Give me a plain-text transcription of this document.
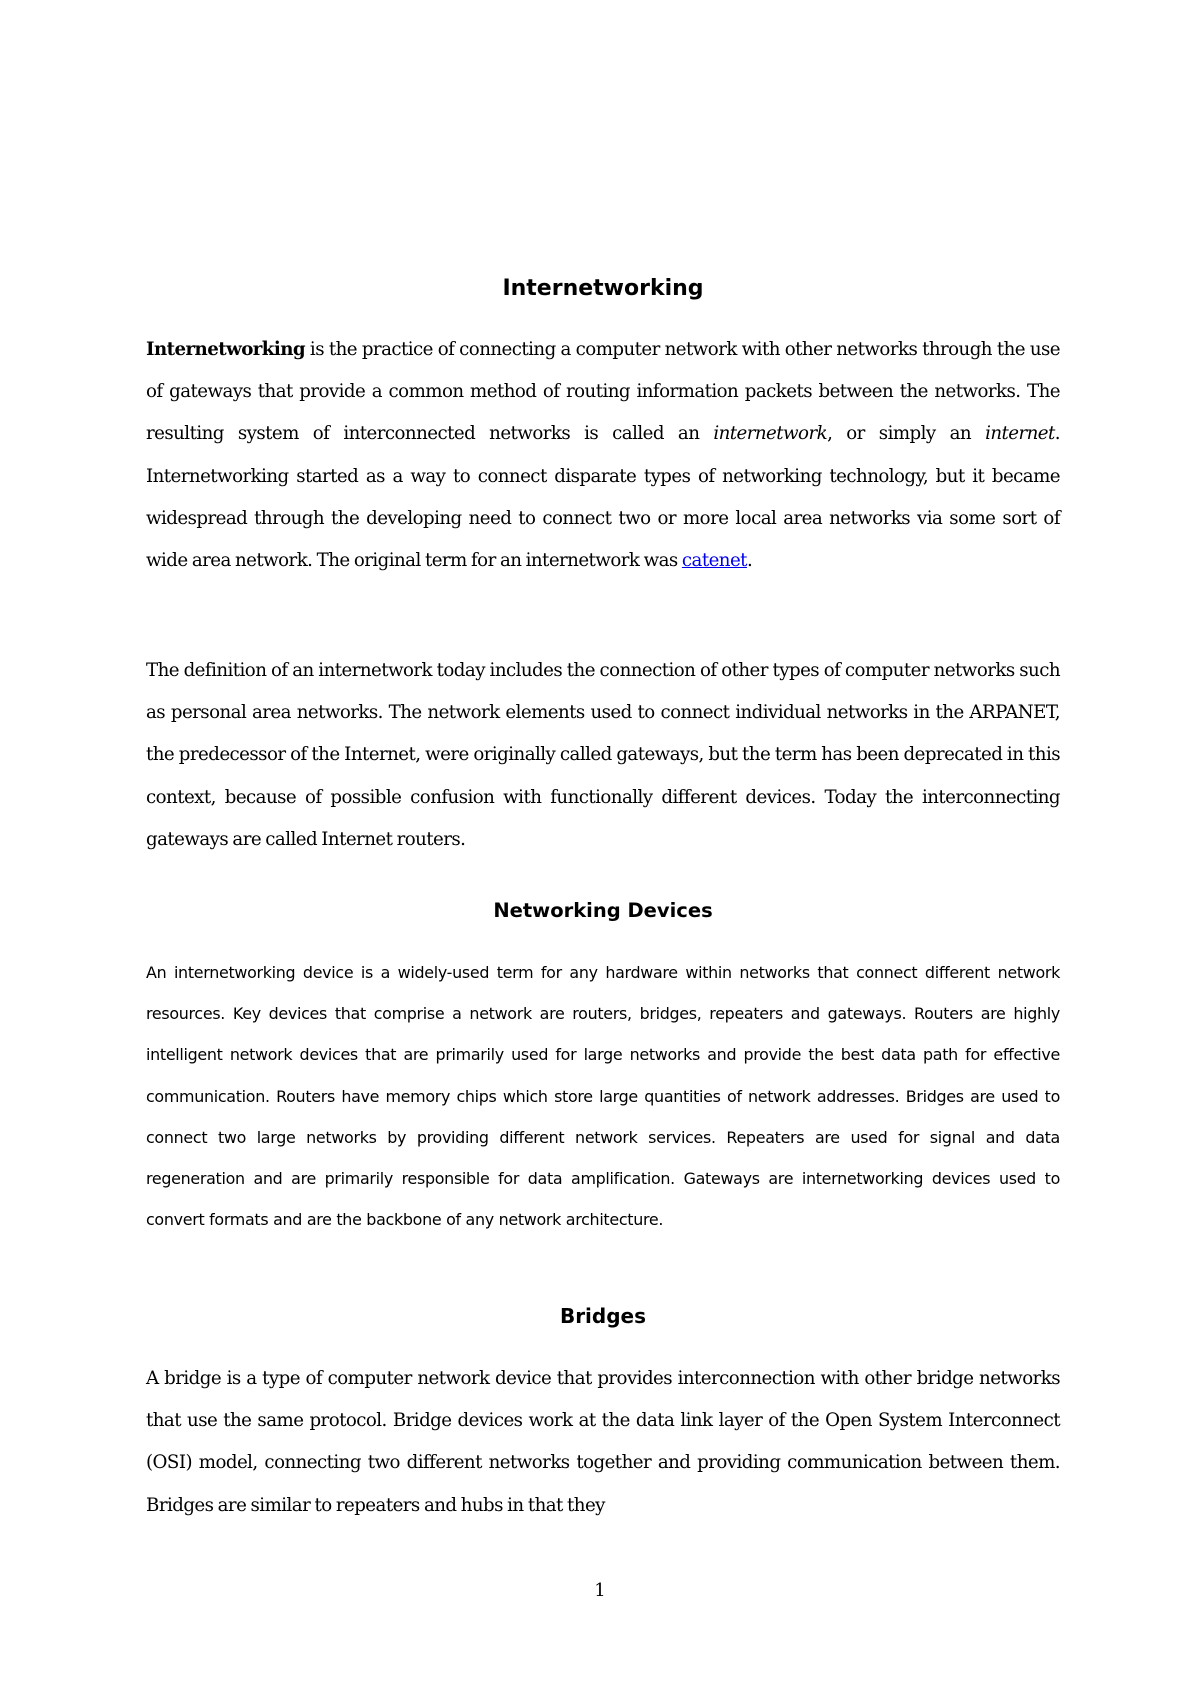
Internetworking

Internetworking is the practice of connecting a computer network with other networks through the use of gateways that provide a common method of routing information packets between the networks. The resulting system of interconnected networks is called an internetwork, or simply an internet. Internetworking started as a way to connect disparate types of networking technology, but it became widespread through the developing need to connect two or more local area networks via some sort of wide area network. The original term for an internetwork was catenet.

The definition of an internetwork today includes the connection of other types of computer networks such as personal area networks. The network elements used to connect individual networks in the ARPANET, the predecessor of the Internet, were originally called gateways, but the term has been deprecated in this context, because of possible confusion with functionally different devices. Today the interconnecting gateways are called Internet routers.

Networking Devices

An internetworking device is a widely-used term for any hardware within networks that connect different network resources. Key devices that comprise a network are routers, bridges, repeaters and gateways. Routers are highly intelligent network devices that are primarily used for large networks and provide the best data path for effective communication. Routers have memory chips which store large quantities of network addresses. Bridges are used to connect two large networks by providing different network services. Repeaters are used for signal and data regeneration and are primarily responsible for data amplification. Gateways are internetworking devices used to convert formats and are the backbone of any network architecture.

Bridges

A bridge is a type of computer network device that provides interconnection with other bridge networks that use the same protocol. Bridge devices work at the data link layer of the Open System Interconnect (OSI) model, connecting two different networks together and providing communication between them. Bridges are similar to repeaters and hubs in that they

1
